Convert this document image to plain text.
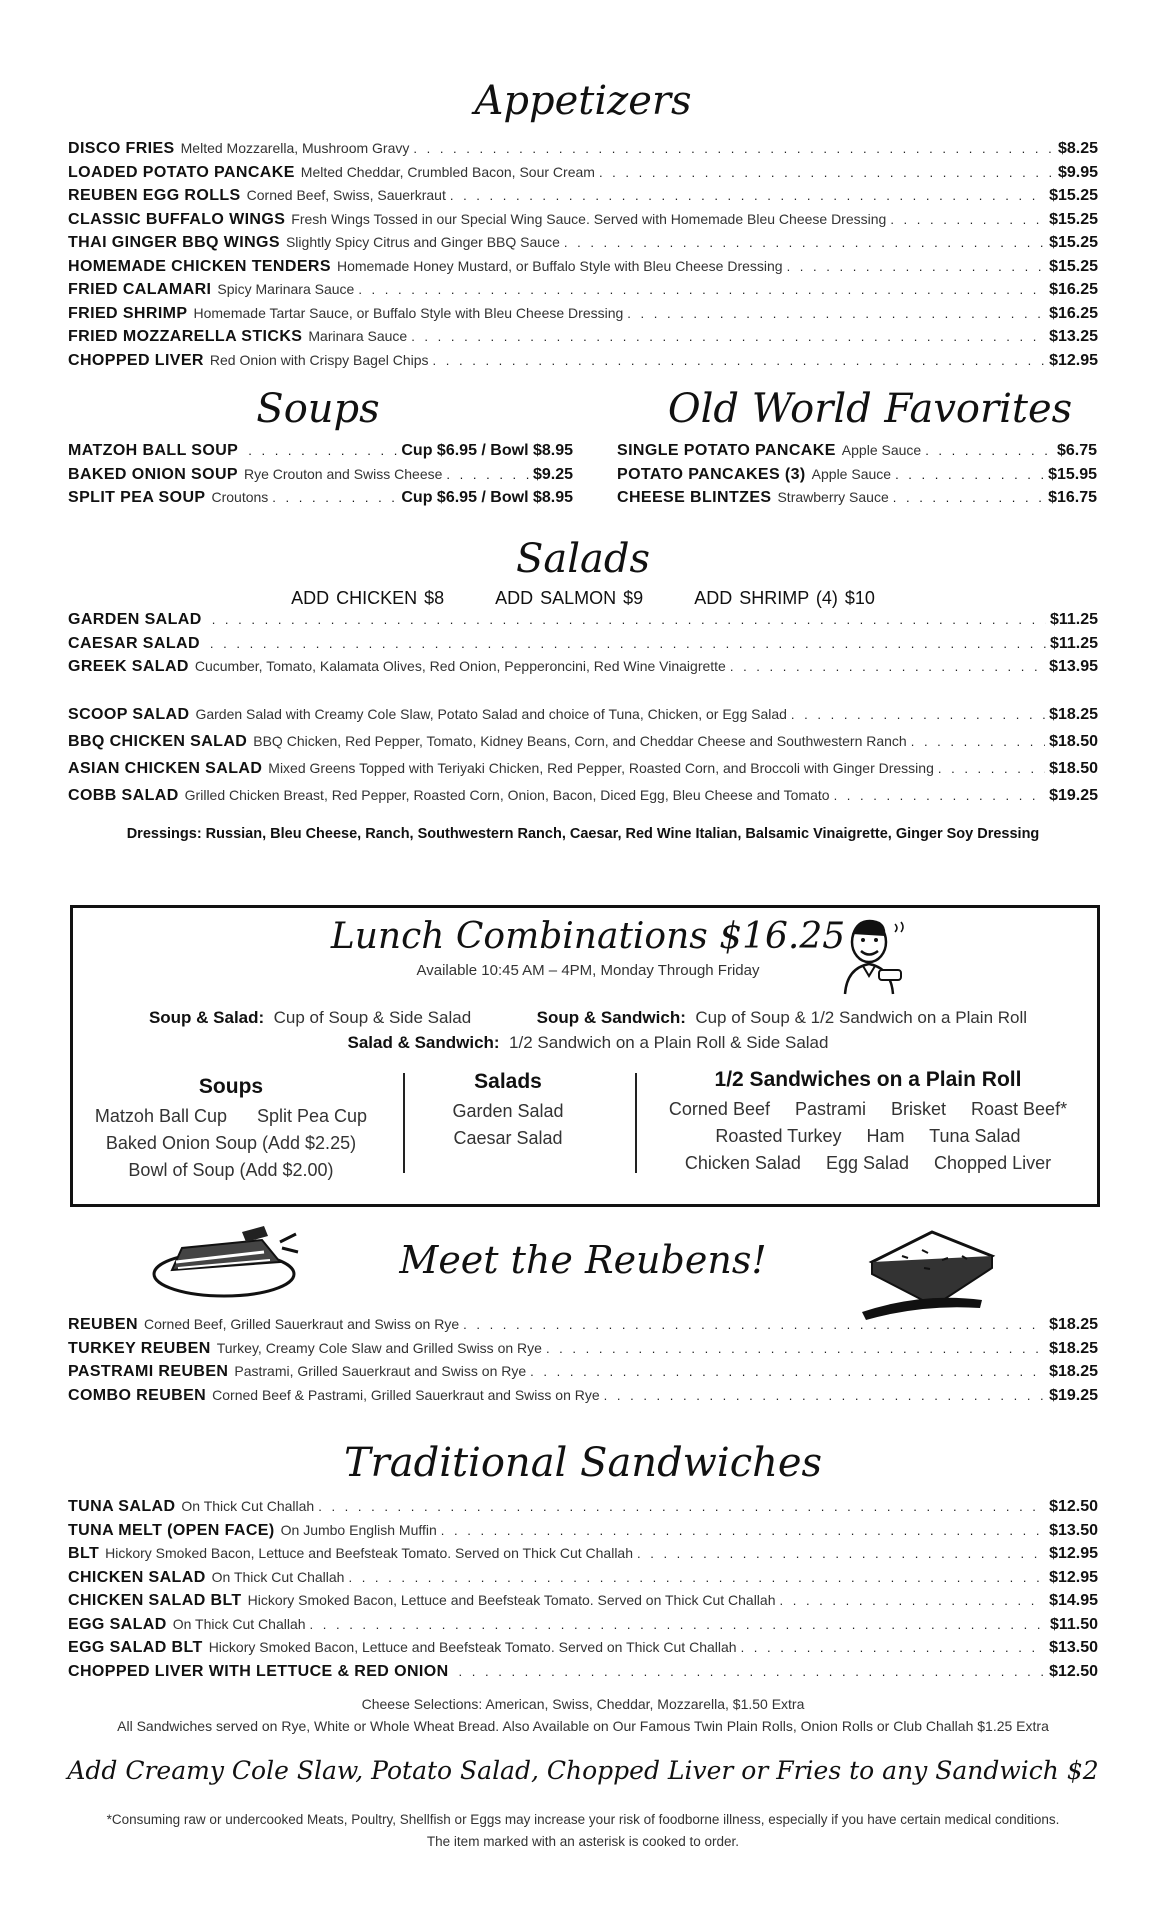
Appetizers
DISCO FRIES Melted Mozzarella, Mushroom Gravy . . .	$8.25
LOADED POTATO PANCAKE Melted Cheddar, Crumbled Bacon, Sour Cream . . .	$9.95
REUBEN EGG ROLLS Corned Beef, Swiss, Sauerkraut . . .	$15.25
CLASSIC BUFFALO WINGS Fresh Wings Tossed in our Special Wing Sauce. Served with Homemade Bleu Cheese Dressing . . .	$15.25
THAI GINGER BBQ WINGS Slightly Spicy Citrus and Ginger BBQ Sauce . . .	$15.25
HOMEMADE CHICKEN TENDERS Homemade Honey Mustard, or Buffalo Style with Bleu Cheese Dressing . . .	$15.25
FRIED CALAMARI Spicy Marinara Sauce . . .	$16.25
FRIED SHRIMP Homemade Tartar Sauce, or Buffalo Style with Bleu Cheese Dressing . . .	$16.25
FRIED MOZZARELLA STICKS Marinara Sauce . . .	$13.25
CHOPPED LIVER Red Onion with Crispy Bagel Chips . . .	$12.95
Soups
MATZOH BALL SOUP . . .	Cup $6.95 / Bowl $8.95
BAKED ONION SOUP Rye Crouton and Swiss Cheese . . .	$9.25
SPLIT PEA SOUP Croutons . . .	Cup $6.95 / Bowl $8.95
Old World Favorites
SINGLE POTATO PANCAKE Apple Sauce . . .	$6.75
POTATO PANCAKES (3) Apple Sauce . . .	$15.95
CHEESE BLINTZES Strawberry Sauce . . .	$16.75
Salads
ADD CHICKEN $8	ADD SALMON $9	ADD SHRIMP (4) $10
GARDEN SALAD . . .	$11.25
CAESAR SALAD . . .	$11.25
GREEK SALAD Cucumber, Tomato, Kalamata Olives, Red Onion, Pepperoncini, Red Wine Vinaigrette . . .	$13.95
SCOOP SALAD Garden Salad with Creamy Cole Slaw, Potato Salad and choice of Tuna, Chicken, or Egg Salad . . .	$18.25
BBQ CHICKEN SALAD BBQ Chicken, Red Pepper, Tomato, Kidney Beans, Corn, and Cheddar Cheese and Southwestern Ranch . . .	$18.50
ASIAN CHICKEN SALAD Mixed Greens Topped with Teriyaki Chicken, Red Pepper, Roasted Corn, and Broccoli with Ginger Dressing . . .	$18.50
COBB SALAD Grilled Chicken Breast, Red Pepper, Roasted Corn, Onion, Bacon, Diced Egg, Bleu Cheese and Tomato . . .	$19.25
Dressings: Russian, Bleu Cheese, Ranch, Southwestern Ranch, Caesar, Red Wine Italian, Balsamic Vinaigrette, Ginger Soy Dressing
Lunch Combinations $16.25
Available 10:45 AM – 4PM, Monday Through Friday
Soup & Salad: Cup of Soup & Side Salad	Soup & Sandwich: Cup of Soup & 1/2 Sandwich on a Plain Roll
Salad & Sandwich: 1/2 Sandwich on a Plain Roll & Side Salad
Soups
Matzoh Ball Cup      Split Pea Cup
Baked Onion Soup (Add $2.25)
Bowl of Soup (Add $2.00)
Salads
Garden Salad
Caesar Salad
1/2 Sandwiches on a Plain Roll
Corned Beef     Pastrami     Brisket     Roast Beef*
Roasted Turkey     Ham     Tuna Salad
Chicken Salad     Egg Salad     Chopped Liver
Meet the Reubens!
REUBEN Corned Beef, Grilled Sauerkraut and Swiss on Rye . . .	$18.25
TURKEY REUBEN Turkey, Creamy Cole Slaw and Grilled Swiss on Rye . . .	$18.25
PASTRAMI REUBEN Pastrami, Grilled Sauerkraut and Swiss on Rye . . .	$18.25
COMBO REUBEN Corned Beef & Pastrami, Grilled Sauerkraut and Swiss on Rye . . .	$19.25
Traditional Sandwiches
TUNA SALAD On Thick Cut Challah . . .	$12.50
TUNA MELT (OPEN FACE) On Jumbo English Muffin . . .	$13.50
BLT Hickory Smoked Bacon, Lettuce and Beefsteak Tomato. Served on Thick Cut Challah . . .	$12.95
CHICKEN SALAD On Thick Cut Challah . . .	$12.95
CHICKEN SALAD BLT Hickory Smoked Bacon, Lettuce and Beefsteak Tomato. Served on Thick Cut Challah . . .	$14.95
EGG SALAD On Thick Cut Challah . . .	$11.50
EGG SALAD BLT Hickory Smoked Bacon, Lettuce and Beefsteak Tomato. Served on Thick Cut Challah . . .	$13.50
CHOPPED LIVER WITH LETTUCE & RED ONION . . .	$12.50
Cheese Selections: American, Swiss, Cheddar, Mozzarella, $1.50 Extra
All Sandwiches served on Rye, White or Whole Wheat Bread. Also Available on Our Famous Twin Plain Rolls, Onion Rolls or Club Challah $1.25 Extra
Add Creamy Cole Slaw, Potato Salad, Chopped Liver or Fries to any Sandwich $2
*Consuming raw or undercooked Meats, Poultry, Shellfish or Eggs may increase your risk of foodborne illness, especially if you have certain medical conditions.
The item marked with an asterisk is cooked to order.
